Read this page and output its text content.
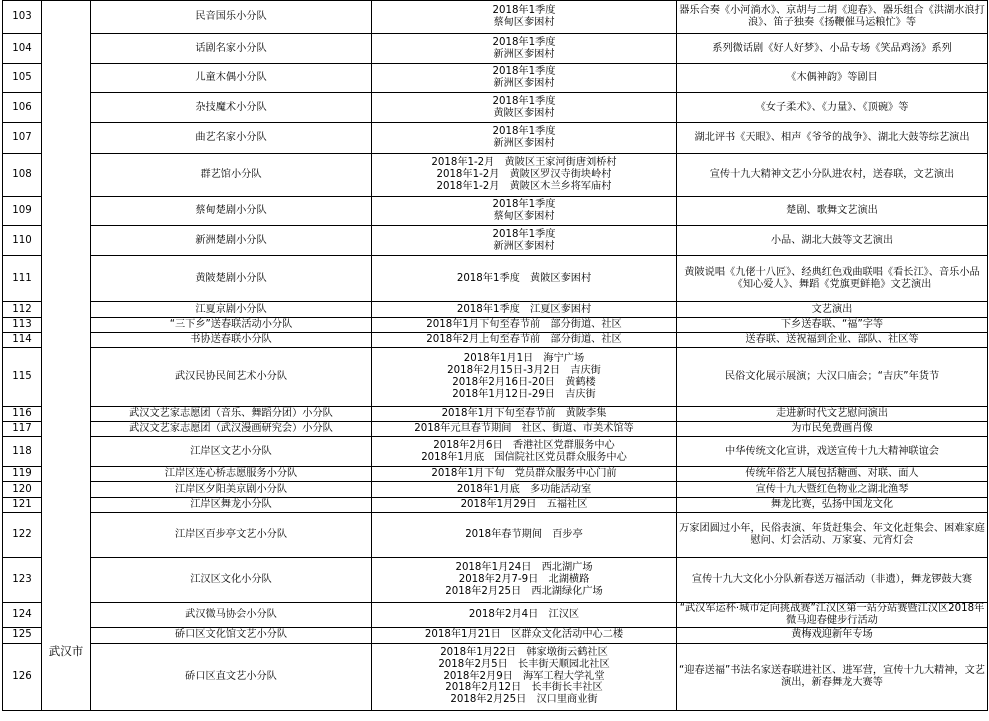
103	武汉市	民音国乐小分队	2018年1季度
蔡甸区奓困村	器乐合奏《小河淌水》、京胡与二胡《迎春》、器乐组合《洪湖水浪打浪》、笛子独奏《扬鞭催马运粮忙》等
104		话剧名家小分队	2018年1季度
新洲区奓困村	系列微话剧《好人好梦》、小品专场《笑品鸡汤》系列
105		儿童木偶小分队	2018年1季度
新洲区奓困村	《木偶神韵》等剧目
106		杂技魔术小分队	2018年1季度
黄陂区奓困村	《女子柔术》、《力量》、《顶碗》等
107		曲艺名家小分队	2018年1季度
新洲区奓困村	湖北评书《天眼》、相声《爷爷的战争》、湖北大鼓等综艺演出
108		群艺馆小分队	2018年1-2月　黄陂区王家河街唐刘桥村
2018年1-2月　黄陂区罗汉寺街块岭村
2018年1-2月　黄陂区木兰乡将军庙村	宣传十九大精神文艺小分队进农村，送春联，文艺演出
109		蔡甸楚剧小分队	2018年1季度
蔡甸区奓困村	楚剧、歌舞文艺演出
110		新洲楚剧小分队	2018年1季度
新洲区奓困村	小品、湖北大鼓等文艺演出
111		黄陂楚剧小分队	2018年1季度　黄陂区奓困村	黄陂说唱《九佬十八匠》、经典红色戏曲联唱《看长江》、音乐小品《知心爱人》、舞蹈《党旗更鲜艳》文艺演出
112		江夏京剧小分队	2018年1季度　江夏区奓困村	文艺演出
113		“三下乡”送春联活动小分队	2018年1月下旬至春节前　部分街道、社区	下乡送春联、“福”字等
114		书协送春联小分队	2018年2月上旬至春节前　部分街道、社区	送春联、送祝福到企业、部队、社区等
115		武汉民协民间艺术小分队	2018年1月1日　海宁广场
2018年2月15日-3月2日　吉庆街
2018年2月16日-20日　黄鹤楼
2018年1月12日-29日　吉庆街	民俗文化展示展演；大汉口庙会；“吉庆”年货节
116		武汉文艺家志愿团（音乐、舞蹈分团）小分队	2018年1月下旬至春节前　黄陂李集	走进新时代文艺慰问演出
117		武汉文艺家志愿团（武汉漫画研究会）小分队	2018年元旦春节期间　社区、街道、市美术馆等	为市民免费画肖像
118		江岸区文艺小分队	2018年2月6日　香港社区党群服务中心
2018年1月底　国信院社区党员群众服务中心	中华传统文化宣讲，戏送宣传十九大精神联谊会
119		江岸区连心桥志愿服务小分队	2018年1月下旬　党员群众服务中心门前	传统年俗艺人展包括糖画、对联、面人
120		江岸区夕阳美京剧小分队	2018年1月底　多功能活动室	宣传十九大暨红色物业之湖北渔琴
121		江岸区舞龙小分队	2018年1月29日　五福社区	舞龙比赛，弘扬中国龙文化
122		江岸区百步亭文艺小分队	2018年春节期间　百步亭	万家团圆过小年，民俗表演、年货赶集会、年文化赶集会、困难家庭慰问、灯会活动、万家宴、元宵灯会
123		江汉区文化小分队	2018年1月24日　西北湖广场
2018年2月7-9日　北湖横路
2018年2月25日　西北湖绿化广场	宣传十九大文化小分队新春送万福活动（非遗），舞龙锣鼓大赛
124		武汉微马协会小分队	2018年2月4日　江汉区	“武汉军运杯·城市定向挑战赛”江汉区第一站分站赛暨江汉区2018年微马迎春健步行活动
125		硚口区文化馆文艺小分队	2018年1月21日　区群众文化活动中心二楼	黄梅戏迎新年专场
126		硚口区直文艺小分队	2018年1月22日　韩家墩街云鹤社区
2018年2月5日　长丰街天顺园北社区
2018年2月9日　海军工程大学礼堂
2018年2月12日　长丰街长丰社区
2018年2月25日　汉口里商业街	“迎春送福”书法名家送春联进社区、进军营，宣传十九大精神，文艺演出，新春舞龙大赛等
